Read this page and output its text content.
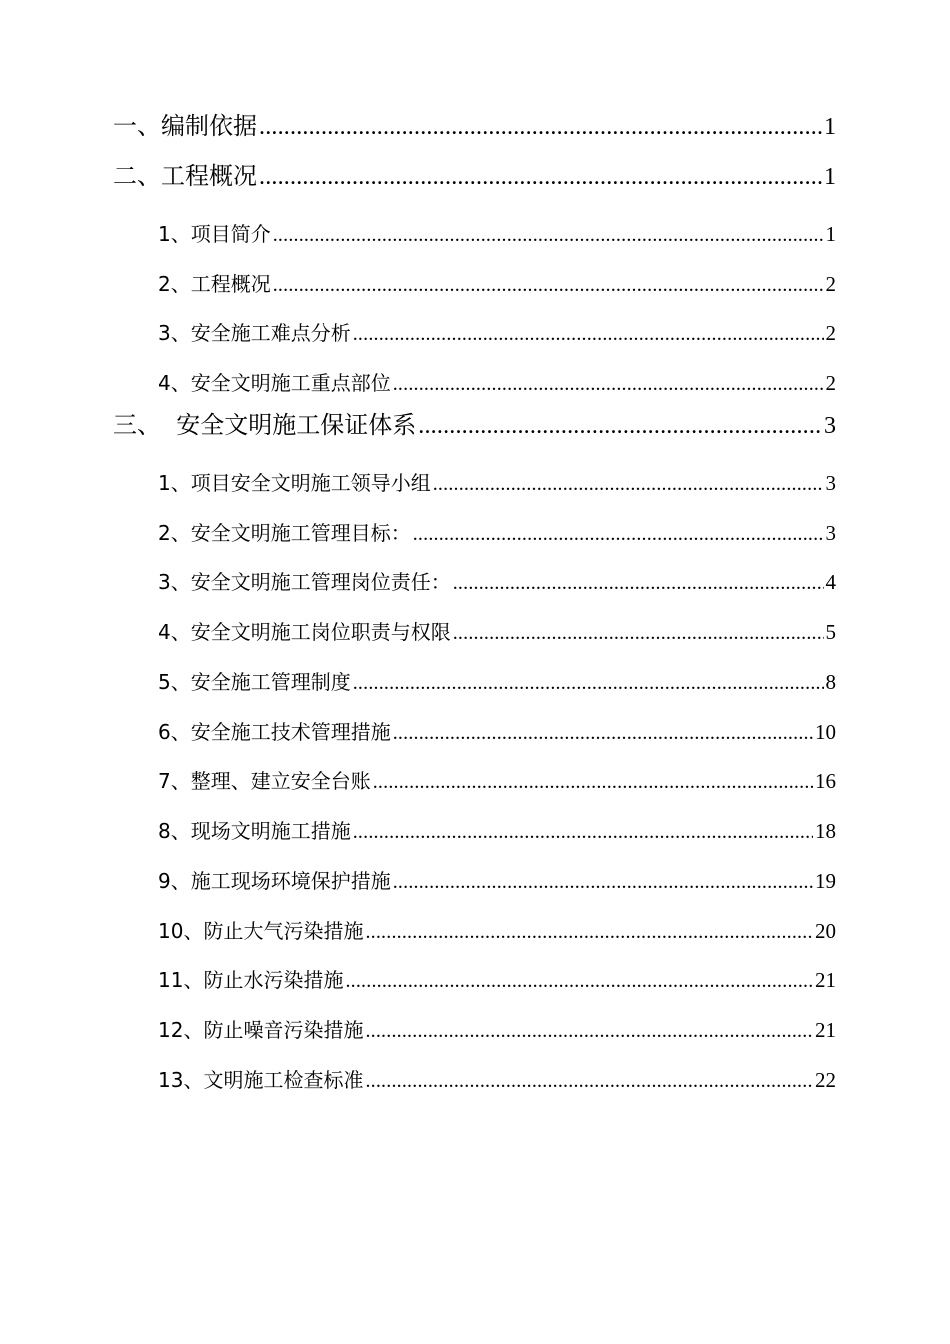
一、编制依据 .....	1
二、工程概况 .....	1
1、项目简介 .....	1
2、工程概况 .....	2
3、安全施工难点分析 .....	2
4、安全文明施工重点部位 .....	2
三、  安全文明施工保证体系 .....	3
1、项目安全文明施工领导小组 .....	3
2、安全文明施工管理目标： .....	3
3、安全文明施工管理岗位责任： .....	4
4、安全文明施工岗位职责与权限 .....	5
5、安全施工管理制度 .....	8
6、安全施工技术管理措施 .....	10
7、整理、建立安全台账 .....	16
8、现场文明施工措施 .....	18
9、施工现场环境保护措施 .....	19
10、防止大气污染措施 .....	20
11、防止水污染措施 .....	21
12、防止噪音污染措施 .....	21
13、文明施工检查标准 .....	22
